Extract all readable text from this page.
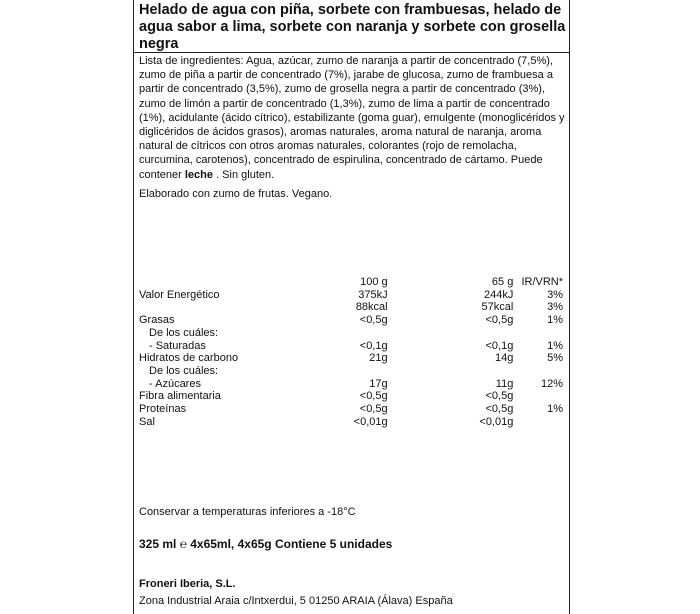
Helado de agua con piña, sorbete con frambuesas, helado de agua sabor a lima, sorbete con naranja y sorbete con grosella negra
Lista de ingredientes: Agua, azúcar, zumo de naranja a partir de concentrado (7,5%), zumo de piña a partir de concentrado (7%), jarabe de glucosa, zumo de frambuesa a partir de concentrado (3,5%), zumo de grosella negra a partir de concentrado (3%), zumo de limón a partir de concentrado (1,3%), zumo de lima a partir de concentrado (1%), acidulante (ácido cítrico), estabilizante (goma guar), emulgente (monoglicéridos y diglicéridos de ácidos grasos), aromas naturales, aroma natural de naranja, aroma natural de cítricos con otros aromas naturales, colorantes (rojo de remolacha, curcumina, carotenos), concentrado de espirulina, concentrado de cártamo. Puede contener leche . Sin gluten.
Elaborado con zumo de frutas. Vegano.
	100 g	65 g	IR/VRN*
Valor Energético	375kJ	244kJ	3%
	88kcal	57kcal	3%
Grasas	<0,5g	<0,5g	1%
De los cuáles:			
- Saturadas	<0,1g	<0,1g	1%
Hidratos de carbono	21g	14g	5%
De los cuáles:			
- Azúcares	17g	11g	12%
Fibra alimentaria	<0,5g	<0,5g	
Proteínas	<0,5g	<0,5g	1%
Sal	<0,01g	<0,01g	
Conservar a temperaturas inferiores a -18°C
325 ml ℮ 4x65ml, 4x65g Contiene 5 unidades
Froneri Iberia, S.L.
Zona Industrial Araia c/Intxerdui, 5 01250 ARAIA (Álava) España
